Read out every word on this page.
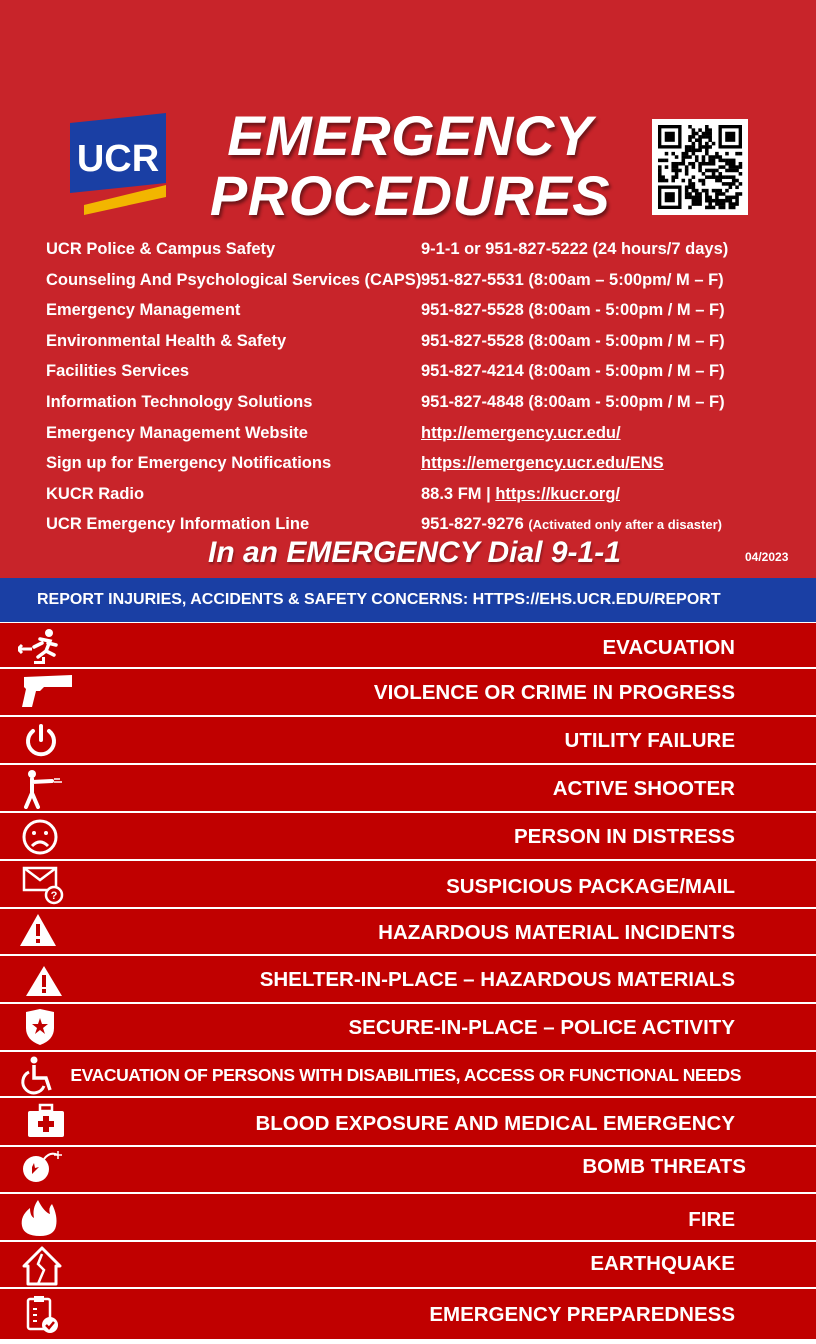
UCR	EMERGENCY
PROCEDURES
UCR Police & Campus Safety	9-1-1 or 951-827-5222 (24 hours/7 days)
Counseling And Psychological Services (CAPS) 951-827-5531 (8:00am – 5:00pm/ M – F)
Emergency Management	951-827-5528 (8:00am - 5:00pm / M – F)
Environmental Health & Safety	951-827-5528 (8:00am - 5:00pm / M – F)
Facilities Services	951-827-4214 (8:00am - 5:00pm / M – F)
Information Technology Solutions	951-827-4848 (8:00am - 5:00pm / M – F)
Emergency Management Website	http://emergency.ucr.edu/
Sign up for Emergency Notifications	https://emergency.ucr.edu/ENS
KUCR Radio	88.3 FM | https://kucr.org/
UCR Emergency Information Line	951-827-9276 (Activated only after a disaster)
In an EMERGENCY Dial 9-1-1	04/2023
REPORT INJURIES, ACCIDENTS & SAFETY CONCERNS: HTTPS://EHS.UCR.EDU/REPORT
EVACUATION
VIOLENCE OR CRIME IN PROGRESS
UTILITY FAILURE
ACTIVE SHOOTER
PERSON IN DISTRESS
?	SUSPICIOUS PACKAGE/MAIL
HAZARDOUS MATERIAL INCIDENTS
SHELTER-IN-PLACE – HAZARDOUS MATERIALS
SECURE-IN-PLACE – POLICE ACTIVITY
EVACUATION OF PERSONS WITH DISABILITIES, ACCESS OR FUNCTIONAL NEEDS
BLOOD EXPOSURE AND MEDICAL EMERGENCY
BOMB THREATS
FIRE
EARTHQUAKE
EMERGENCY PREPAREDNESS
